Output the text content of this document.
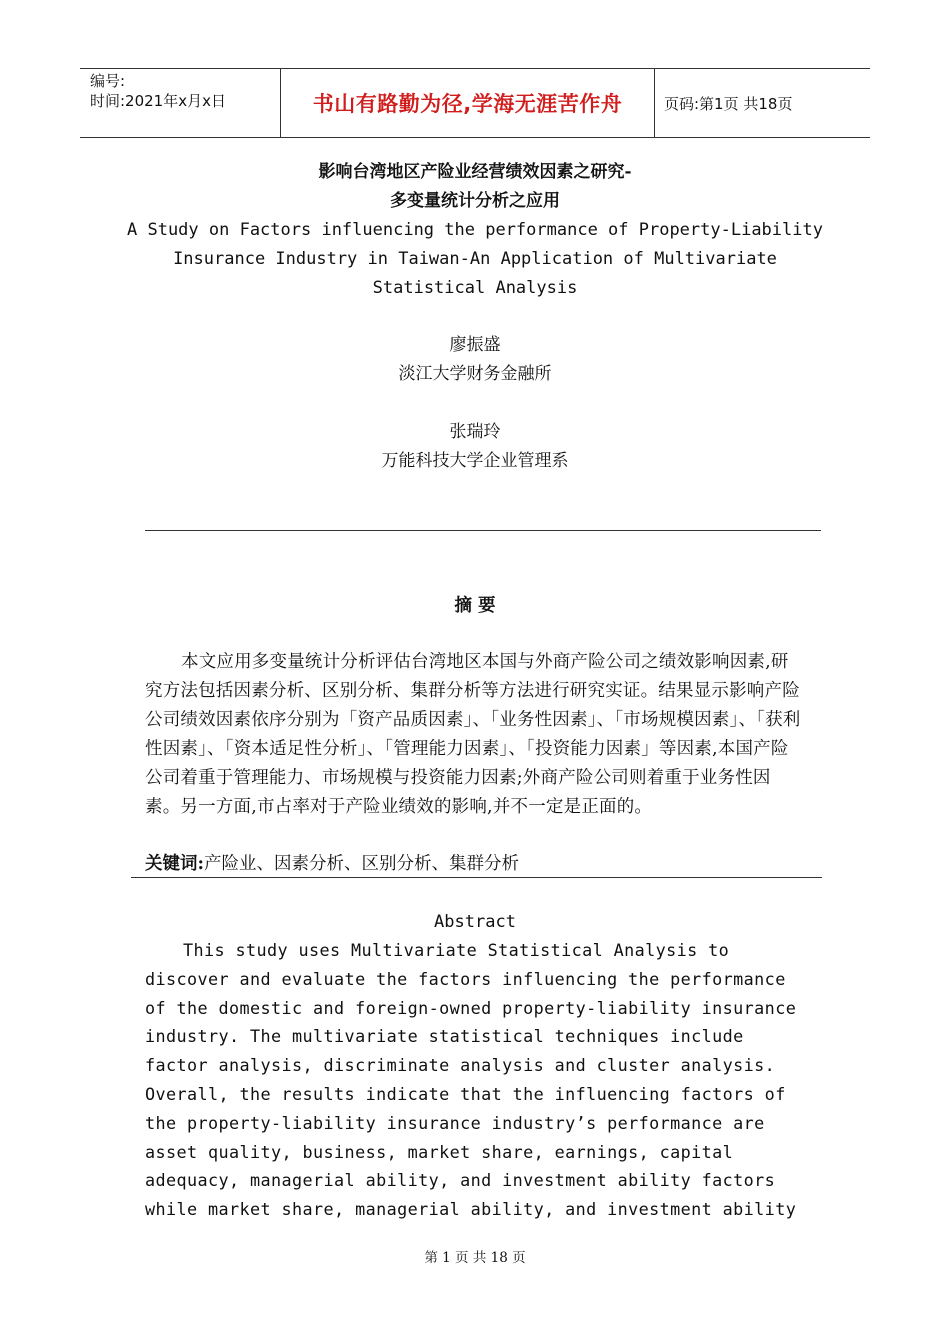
编号:
时间:2021年x月x日	书山有路勤为径,学海无涯苦作舟	页码:第1页 共18页
影响台湾地区产险业经营绩效因素之研究-
多变量统计分析之应用
A Study on Factors influencing the performance of Property-Liability
Insurance Industry in Taiwan-An Application of Multivariate
Statistical Analysis
廖振盛
淡江大学财务金融所
张瑞玲
万能科技大学企业管理系
摘 要
本文应用多变量统计分析评估台湾地区本国与外商产险公司之绩效影响因素,研究方法包括因素分析、区别分析、集群分析等方法进行研究实证。结果显示影响产险公司绩效因素依序分别为「资产品质因素」、「业务性因素」、「市场规模因素」、「获利性因素」、「资本适足性分析」、「管理能力因素」、「投资能力因素」等因素,本国产险公司着重于管理能力、市场规模与投资能力因素;外商产险公司则着重于业务性因素。另一方面,市占率对于产险业绩效的影响,并不一定是正面的。
关键词:产险业、因素分析、区别分析、集群分析
Abstract
This study uses Multivariate Statistical Analysis to discover and evaluate the factors influencing the performance of the domestic and foreign-owned property-liability insurance industry. The multivariate statistical techniques include factor analysis, discriminate analysis and cluster analysis. Overall, the results indicate that the influencing factors of the property-liability insurance industry’s performance are asset quality, business, market share, earnings, capital adequacy, managerial ability, and investment ability factors while market share, managerial ability, and investment ability
第 1 页 共 18 页
